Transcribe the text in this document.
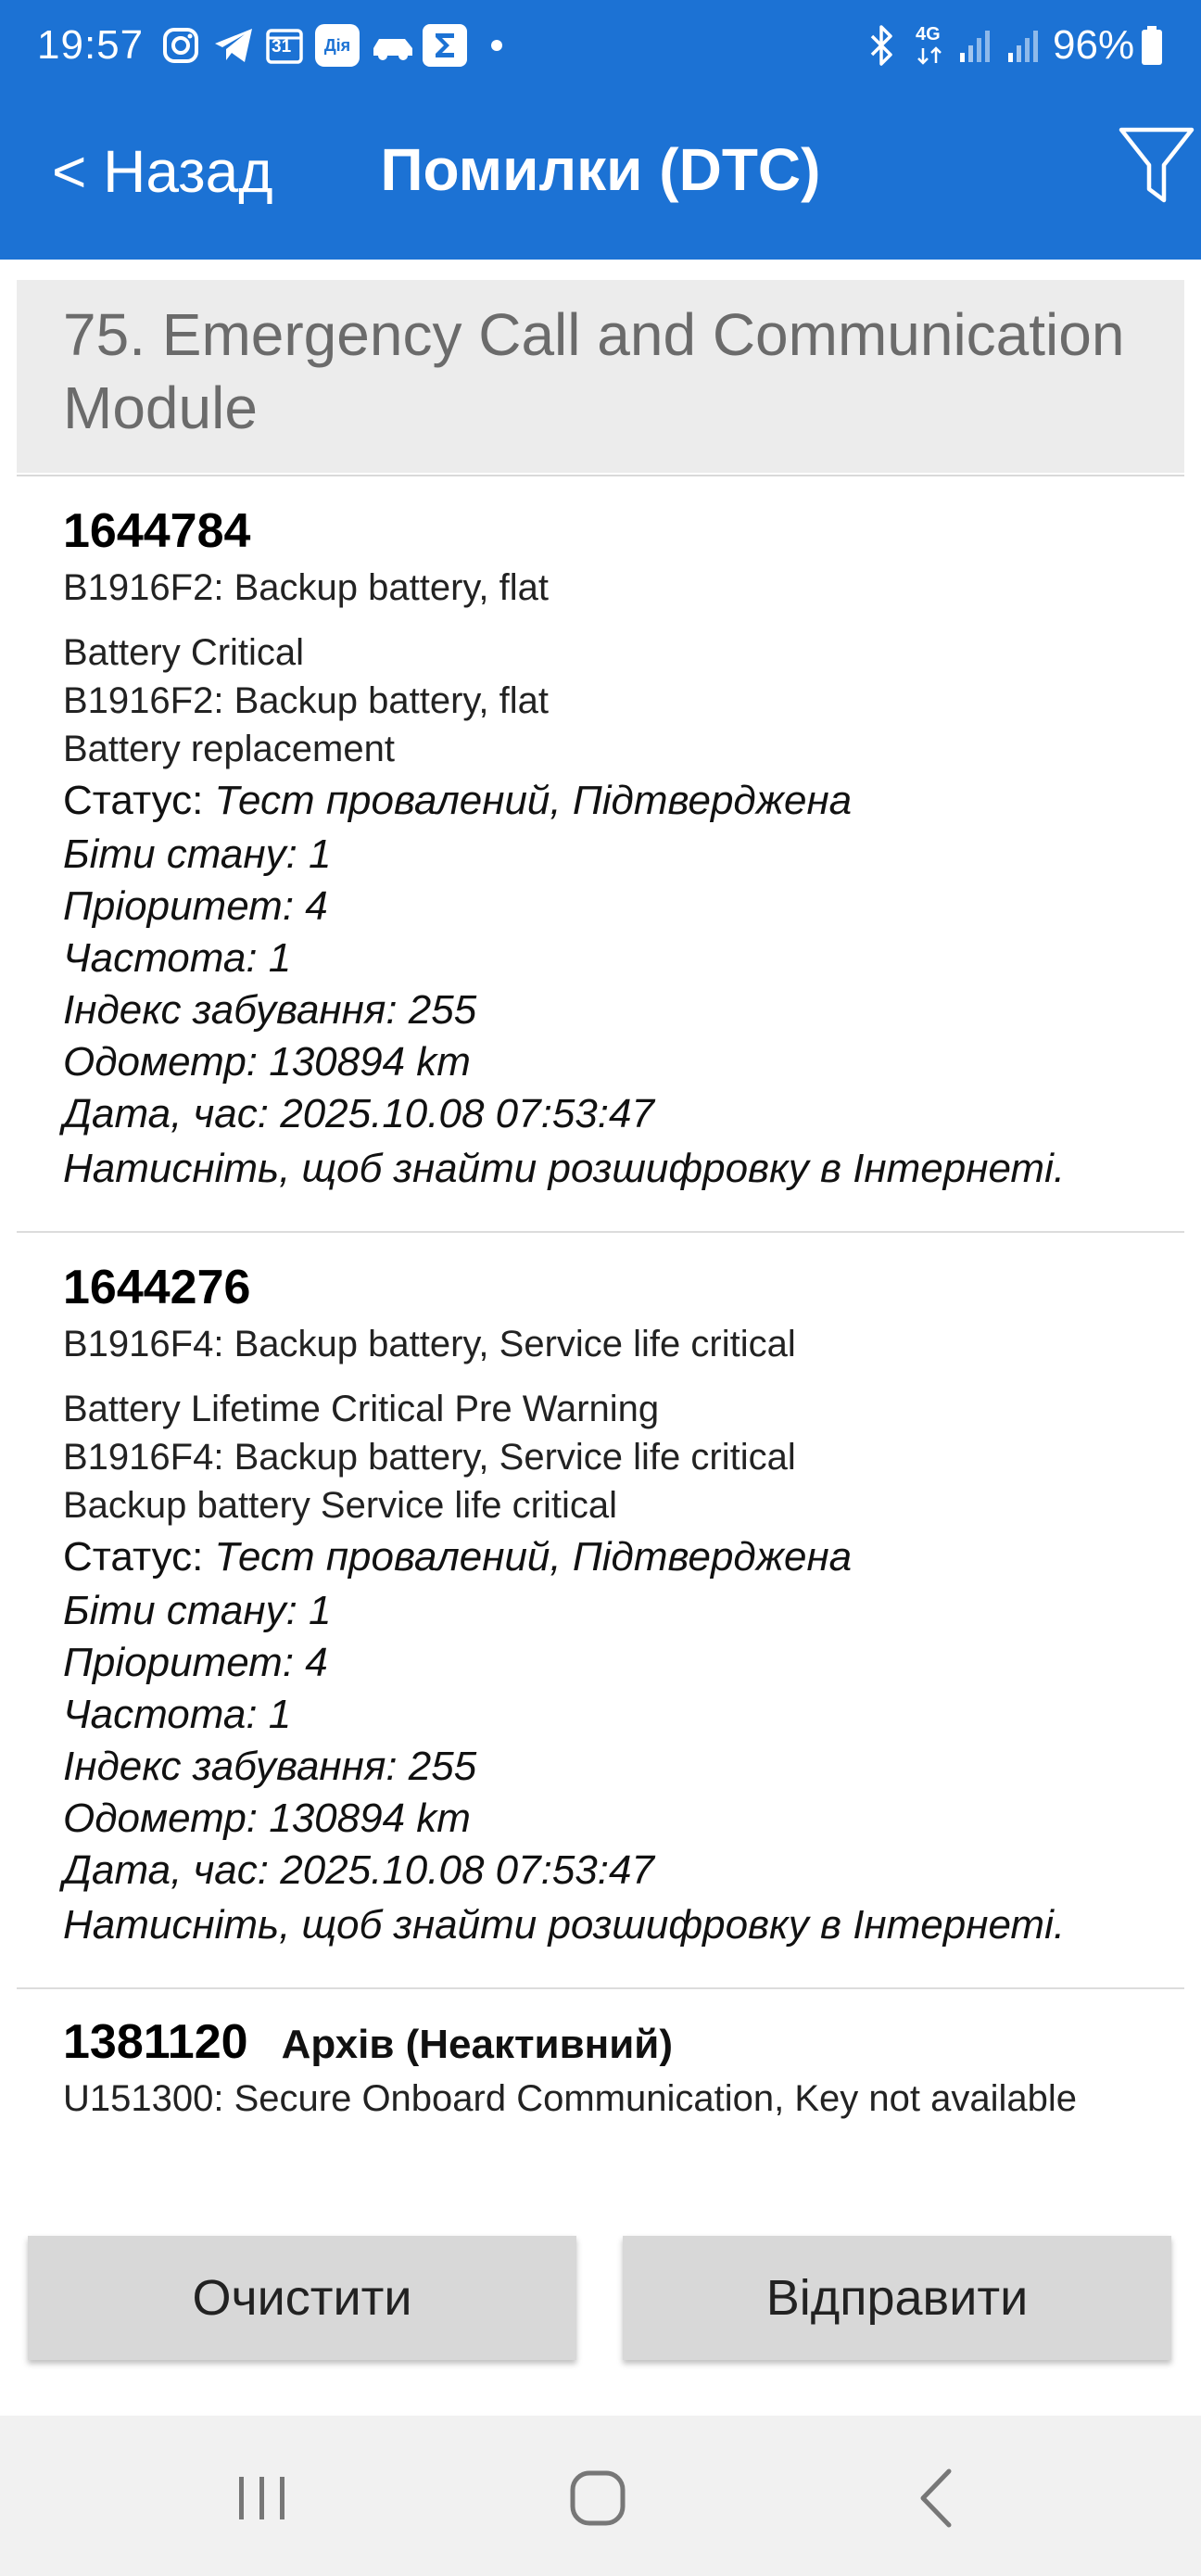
19:57	31 Дія
4G	96%
Помилки (DTC)
< Назад
75. Emergency Call and Communication Module
1644784
B1916F2: Backup battery, flat
Battery Critical
B1916F2: Backup battery, flat
Battery replacement
Статус: Тест провалений, Підтверджена
Біти стану: 1
Пріоритет: 4
Частота: 1
Індекс забування: 255
Одометр: 130894 km
Дата, час: 2025.10.08 07:53:47
Натисніть, щоб знайти розшифровку в Інтернеті.
1644276
B1916F4: Backup battery, Service life critical
Battery Lifetime Critical Pre Warning
B1916F4: Backup battery, Service life critical
Backup battery Service life critical
Статус: Тест провалений, Підтверджена
Біти стану: 1
Пріоритет: 4
Частота: 1
Індекс забування: 255
Одометр: 130894 km
Дата, час: 2025.10.08 07:53:47
Натисніть, щоб знайти розшифровку в Інтернеті.
1381120 Архів (Неактивний)
U151300: Secure Onboard Communication, Key not available
Очистити	Відправити
